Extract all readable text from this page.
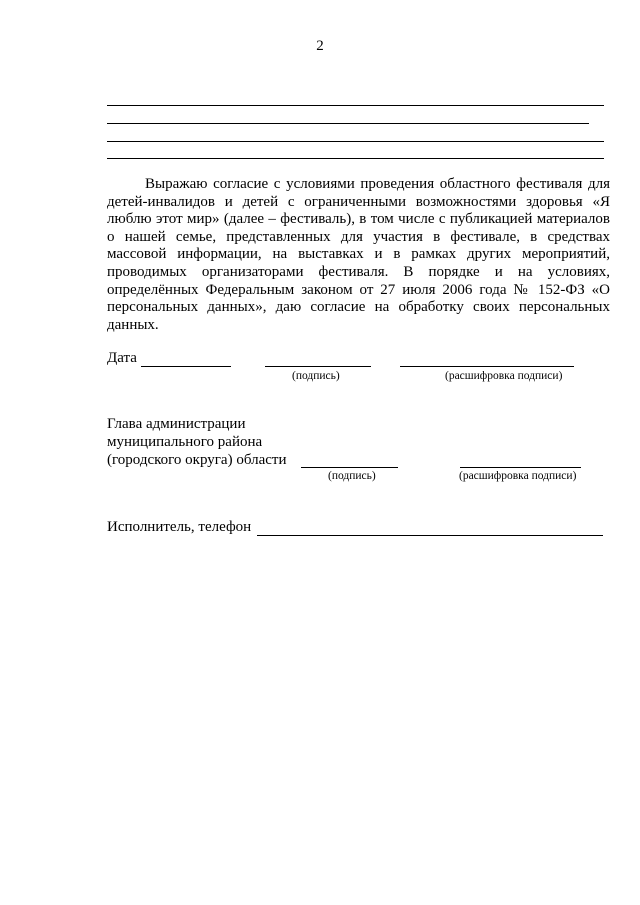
2

Выражаю согласие с условиями проведения областного фестиваля для детей-инвалидов и детей с ограниченными возможностями здоровья «Я люблю этот мир» (далее – фестиваль), в том числе с публикацией материалов о нашей семье, представленных для участия в фестивале, в средствах массовой информации, на выставках и в рамках других мероприятий, проводимых организаторами фестиваля. В порядке и на условиях, определённых Федеральным законом от 27 июля 2006 года № 152-ФЗ «О персональных данных», даю согласие на обработку своих персональных данных.

Дата
(подпись)	(расшифровка подписи)
Глава администрации
муниципального района
(городского округа) области
(подпись)	(расшифровка подписи)
Исполнитель, телефон
